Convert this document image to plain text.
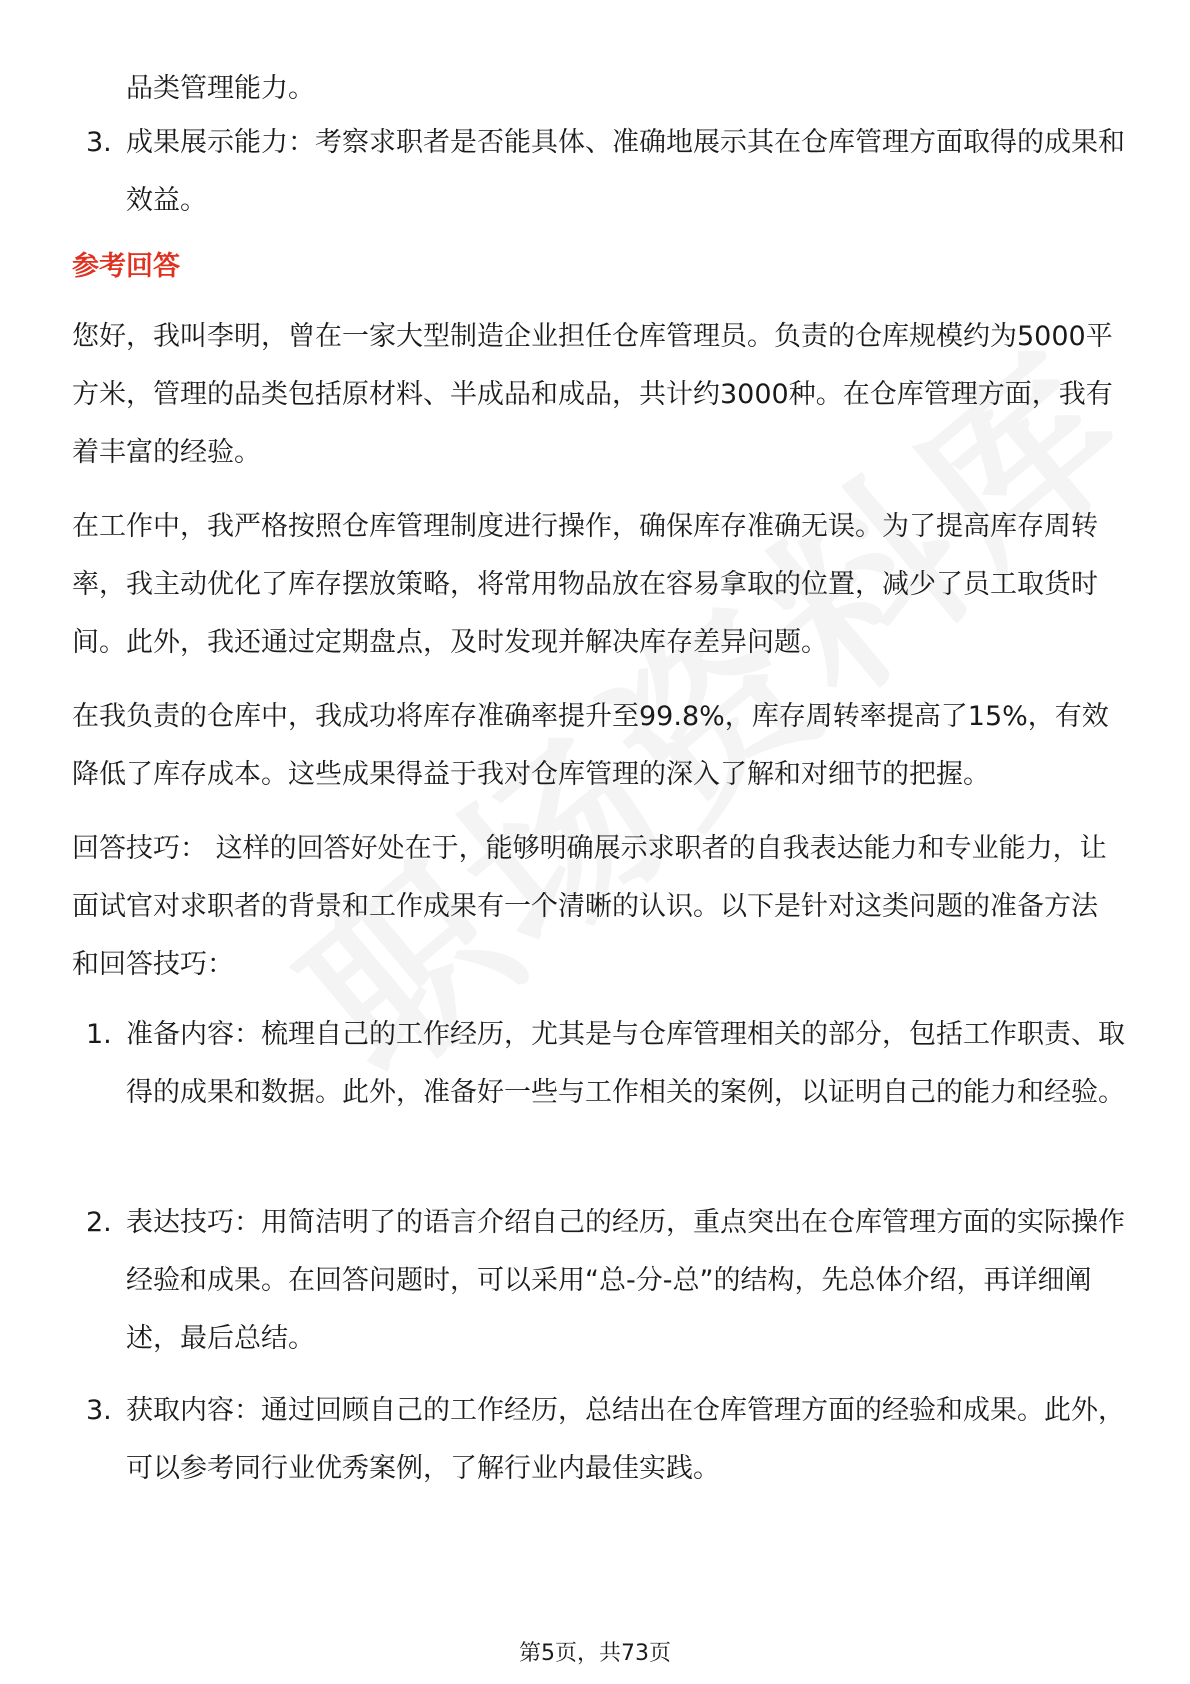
品类管理能力。
3. 成果展示能力：考察求职者是否能具体、准确地展示其在仓库管理方面取得的成果和效益。
参考回答
您好，我叫李明，曾在一家大型制造企业担任仓库管理员。负责的仓库规模约为5000平方米，管理的品类包括原材料、半成品和成品，共计约3000种。在仓库管理方面，我有着丰富的经验。
在工作中，我严格按照仓库管理制度进行操作，确保库存准确无误。为了提高库存周转率，我主动优化了库存摆放策略，将常用物品放在容易拿取的位置，减少了员工取货时间。此外，我还通过定期盘点，及时发现并解决库存差异问题。
在我负责的仓库中，我成功将库存准确率提升至99.8%，库存周转率提高了15%，有效降低了库存成本。这些成果得益于我对仓库管理的深入了解和对细节的把握。
回答技巧： 这样的回答好处在于，能够明确展示求职者的自我表达能力和专业能力，让面试官对求职者的背景和工作成果有一个清晰的认识。以下是针对这类问题的准备方法和回答技巧：
1. 准备内容：梳理自己的工作经历，尤其是与仓库管理相关的部分，包括工作职责、取得的成果和数据。此外，准备好一些与工作相关的案例，以证明自己的能力和经验。
2. 表达技巧：用简洁明了的语言介绍自己的经历，重点突出在仓库管理方面的实际操作经验和成果。在回答问题时，可以采用“总-分-总”的结构，先总体介绍，再详细阐述，最后总结。
3. 获取内容：通过回顾自己的工作经历，总结出在仓库管理方面的经验和成果。此外，可以参考同行业优秀案例，了解行业内最佳实践。
第5页，共73页
